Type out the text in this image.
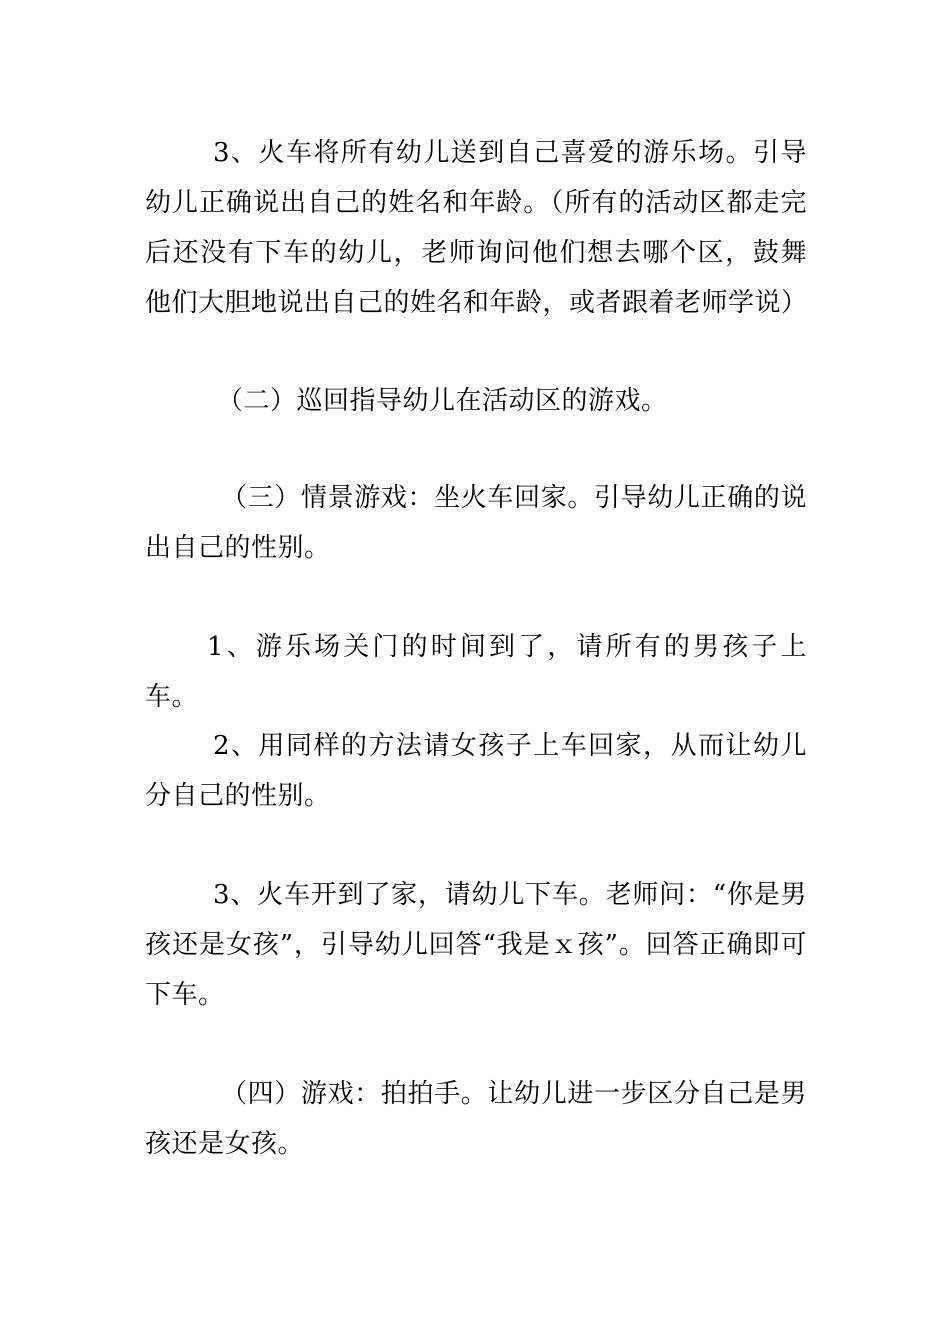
3、火车将所有幼儿送到自己喜爱的游乐场。引导幼儿正确说出自己的姓名和年龄。（所有的活动区都走完后还没有下车的幼儿，老师询问他们想去哪个区，鼓舞他们大胆地说出自己的姓名和年龄，或者跟着老师学说）

（二）巡回指导幼儿在活动区的游戏。

（三）情景游戏：坐火车回家。引导幼儿正确的说出自己的性别。

1、游乐场关门的时间到了，请所有的男孩子上车。

2、用同样的方法请女孩子上车回家，从而让幼儿分自己的性别。

3、火车开到了家，请幼儿下车。老师问：“你是男孩还是女孩”，引导幼儿回答“我是ｘ孩”。回答正确即可下车。

（四）游戏：拍拍手。让幼儿进一步区分自己是男孩还是女孩。
